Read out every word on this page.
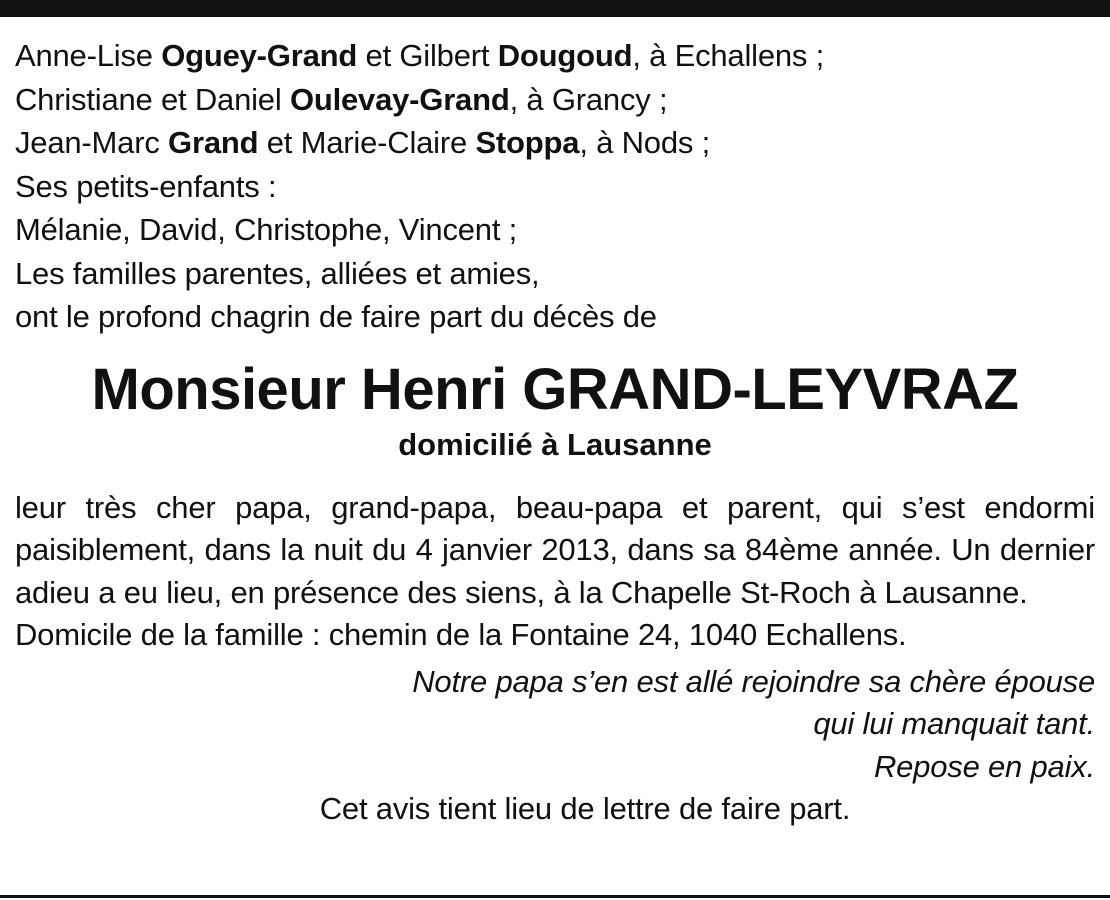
Anne-Lise Oguey-Grand et Gilbert Dougoud, à Echallens ;
Christiane et Daniel Oulevay-Grand, à Grancy ;
Jean-Marc Grand et Marie-Claire Stoppa, à Nods ;
Ses petits-enfants :
Mélanie, David, Christophe, Vincent ;
Les familles parentes, alliées et amies,
ont le profond chagrin de faire part du décès de
Monsieur Henri GRAND-LEYVRAZ
domicilié à Lausanne

leur très cher papa, grand-papa, beau-papa et parent, qui s’est endormi paisiblement, dans la nuit du 4 janvier 2013, dans sa 84ème année. Un dernier adieu a eu lieu, en présence des siens, à la Chapelle St-Roch à Lausanne.

Domicile de la famille : chemin de la Fontaine 24, 1040 Echallens.
Notre papa s’en est allé rejoindre sa chère épouse
qui lui manquait tant.
Repose en paix.
Cet avis tient lieu de lettre de faire part.
